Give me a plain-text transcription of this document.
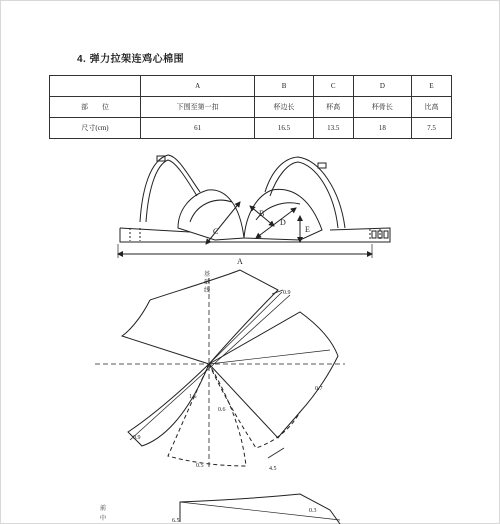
4. 弹力拉架连鸡心棉围
	A	B	C	D	E
部　　位	下围至第一扣	杯边长	杯高	杯骨长	比高
尺寸(cm)	61	16.5	13.5	18	7.5
A
B
C
D
E
基
础
线	0.9
0.7
1.6
0.6
0.9
0.5	4.5
0.3
6.5
前
中
